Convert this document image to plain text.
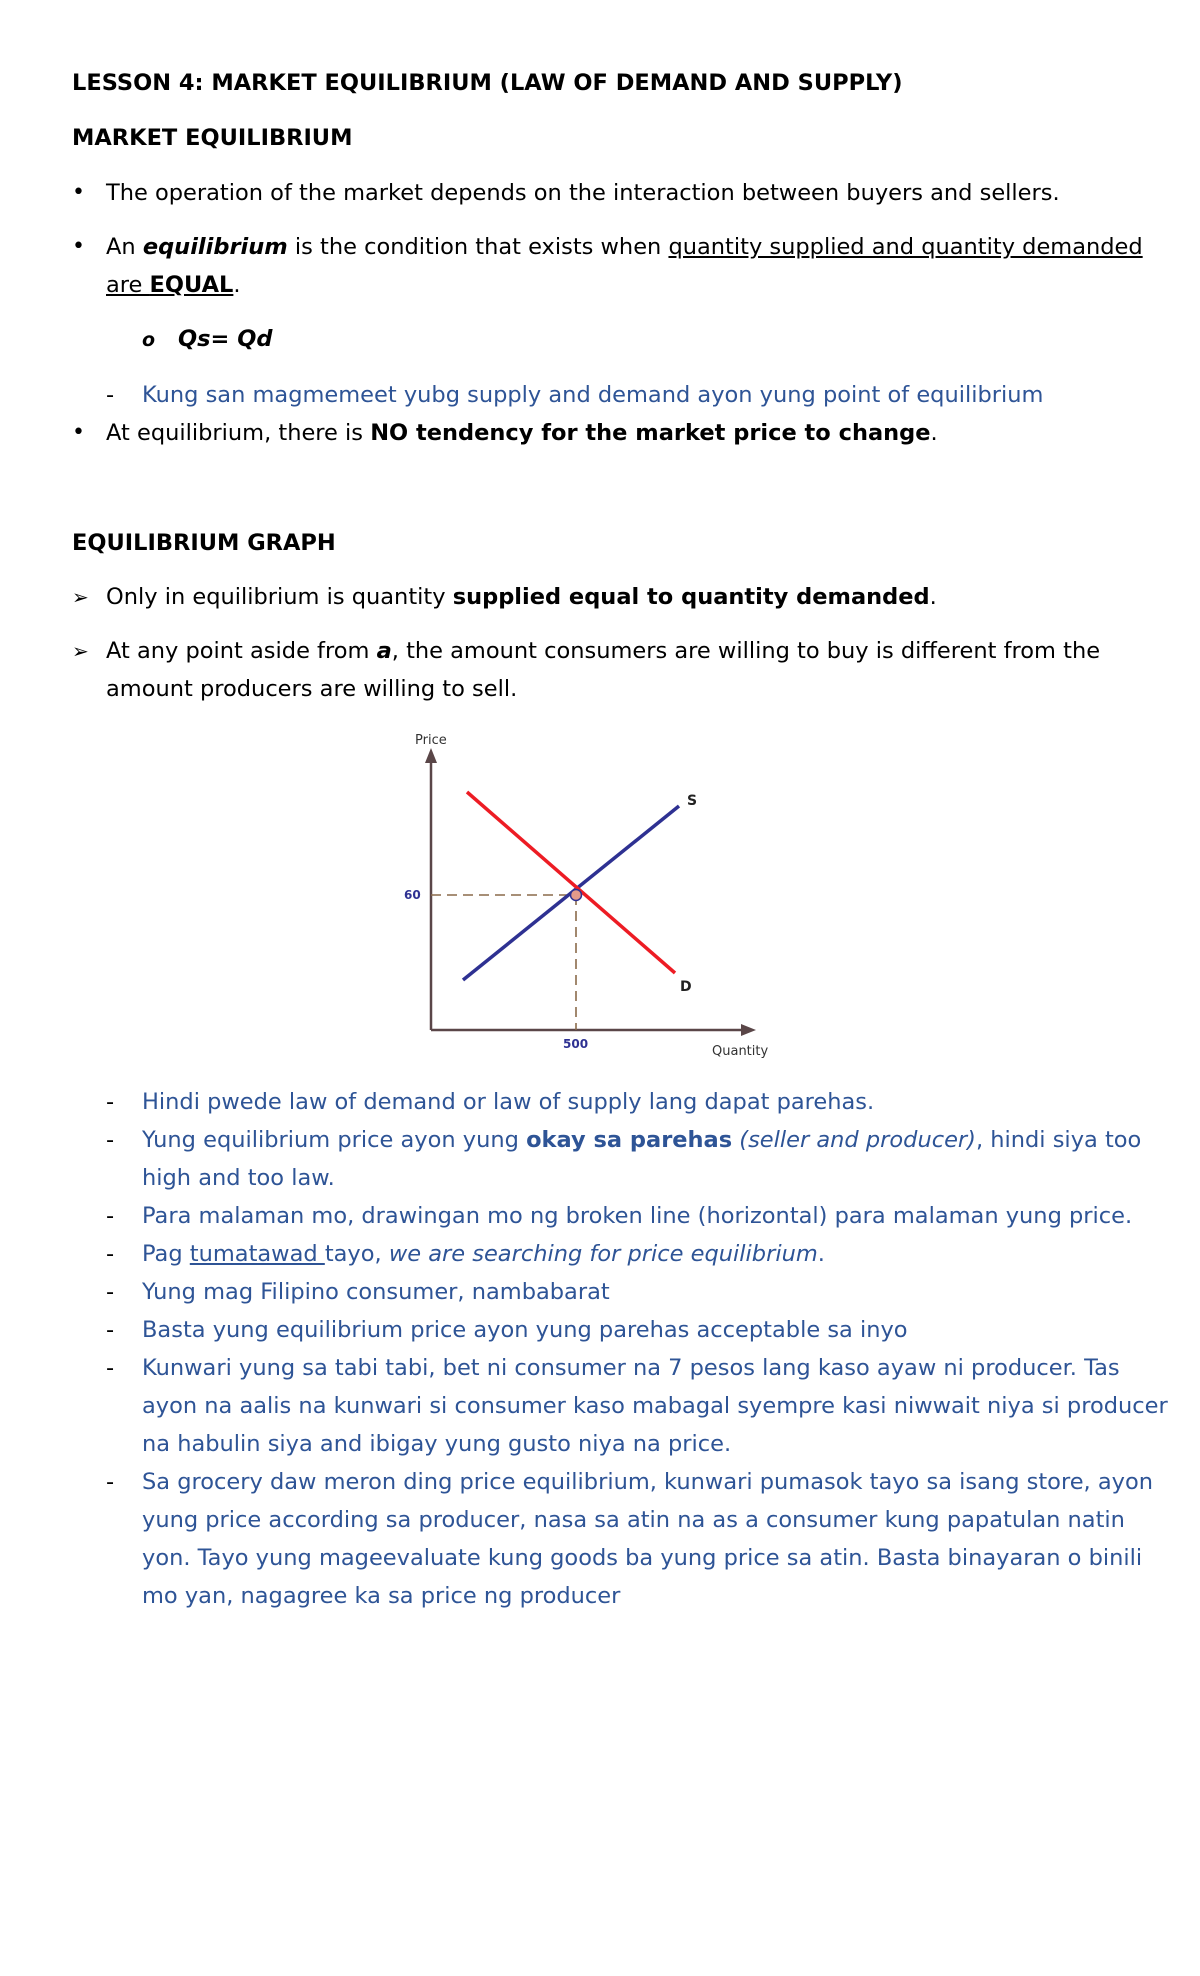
LESSON 4: MARKET EQUILIBRIUM (LAW OF DEMAND AND SUPPLY)
MARKET EQUILIBRIUM
• The operation of the market depends on the interaction between buyers and sellers.
• An equilibrium is the condition that exists when quantity supplied and quantity demanded
are EQUAL.
o Qs= Qd
- Kung san magmemeet yubg supply and demand ayon yung point of equilibrium
• At equilibrium, there is NO tendency for the market price to change.
EQUILIBRIUM GRAPH
➢ Only in equilibrium is quantity supplied equal to quantity demanded.
➢ At any point aside from a, the amount consumers are willing to buy is different from the
amount producers are willing to sell.
Price
Quantity
S
D
60
500
- Hindi pwede law of demand or law of supply lang dapat parehas.
- Yung equilibrium price ayon yung okay sa parehas (seller and producer), hindi siya too
high and too law.
- Para malaman mo, drawingan mo ng broken line (horizontal) para malaman yung price.
- Pag tumatawad tayo, we are searching for price equilibrium.
- Yung mag Filipino consumer, nambabarat
- Basta yung equilibrium price ayon yung parehas acceptable sa inyo
- Kunwari yung sa tabi tabi, bet ni consumer na 7 pesos lang kaso ayaw ni producer. Tas
ayon na aalis na kunwari si consumer kaso mabagal syempre kasi niwwait niya si producer
na habulin siya and ibigay yung gusto niya na price.
- Sa grocery daw meron ding price equilibrium, kunwari pumasok tayo sa isang store, ayon
yung price according sa producer, nasa sa atin na as a consumer kung papatulan natin
yon. Tayo yung mageevaluate kung goods ba yung price sa atin. Basta binayaran o binili
mo yan, nagagree ka sa price ng producer
